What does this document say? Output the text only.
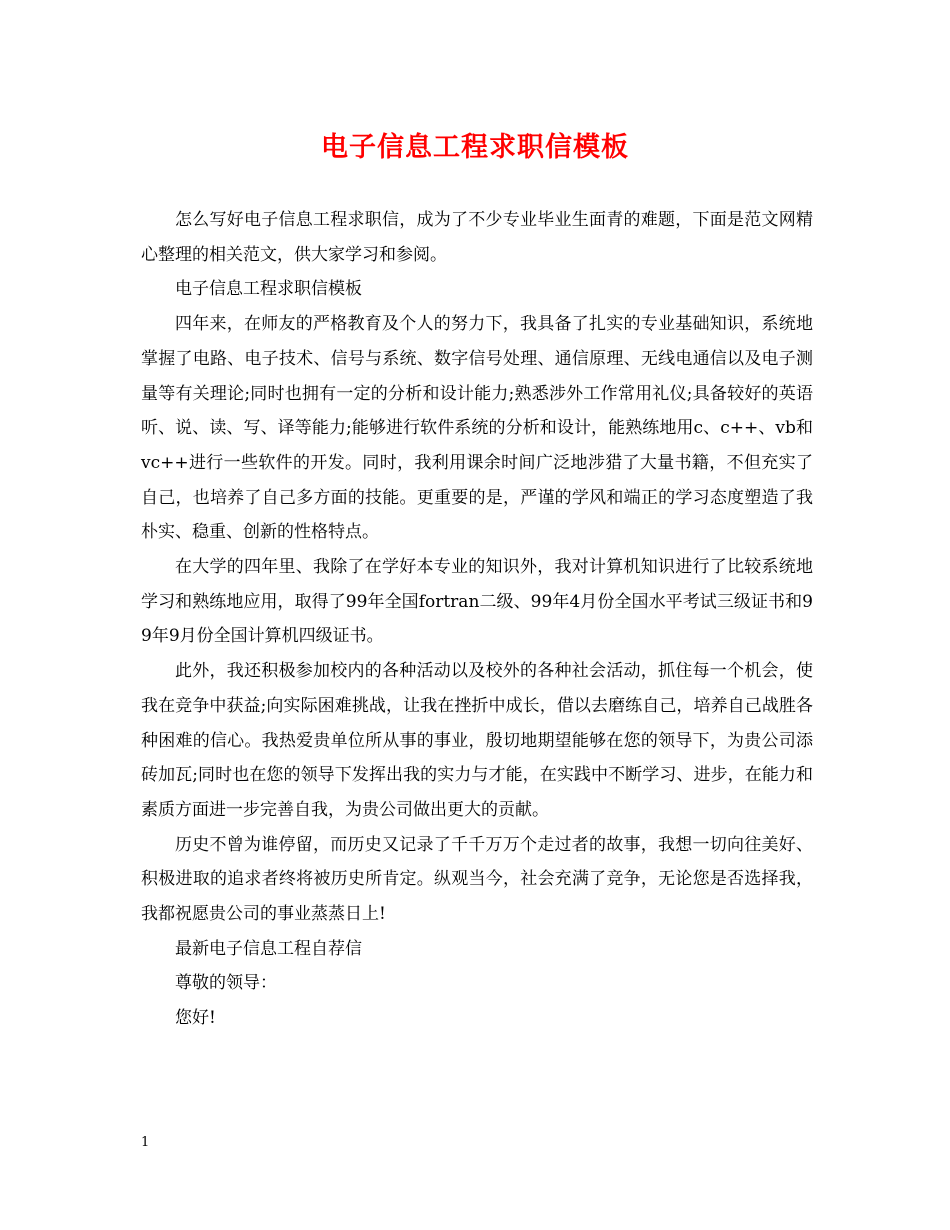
电子信息工程求职信模板

怎么写好电子信息工程求职信，成为了不少专业毕业生面青的难题，下面是范文网精心整理的相关范文，供大家学习和参阅。

电子信息工程求职信模板

四年来，在师友的严格教育及个人的努力下，我具备了扎实的专业基础知识，系统地掌握了电路、电子技术、信号与系统、数字信号处理、通信原理、无线电通信以及电子测量等有关理论;同时也拥有一定的分析和设计能力;熟悉涉外工作常用礼仪;具备较好的英语听、说、读、写、译等能力;能够进行软件系统的分析和设计，能熟练地用c、c++、vb和vc++进行一些软件的开发。同时，我利用课余时间广泛地涉猎了大量书籍，不但充实了自己，也培养了自己多方面的技能。更重要的是，严谨的学风和端正的学习态度塑造了我朴实、稳重、创新的性格特点。

在大学的四年里、我除了在学好本专业的知识外，我对计算机知识进行了比较系统地学习和熟练地应用，取得了99年全国fortran二级、99年4月份全国水平考试三级证书和99年9月份全国计算机四级证书。

此外，我还积极参加校内的各种活动以及校外的各种社会活动，抓住每一个机会，使我在竞争中获益;向实际困难挑战，让我在挫折中成长，借以去磨练自己，培养自己战胜各种困难的信心。我热爱贵单位所从事的事业，殷切地期望能够在您的领导下，为贵公司添砖加瓦;同时也在您的领导下发挥出我的实力与才能，在实践中不断学习、进步，在能力和素质方面进一步完善自我，为贵公司做出更大的贡献。

历史不曾为谁停留，而历史又记录了千千万万个走过者的故事，我想一切向往美好、积极进取的追求者终将被历史所肯定。纵观当今，社会充满了竞争，无论您是否选择我，我都祝愿贵公司的事业蒸蒸日上!

最新电子信息工程自荐信

尊敬的领导：

您好!

1
